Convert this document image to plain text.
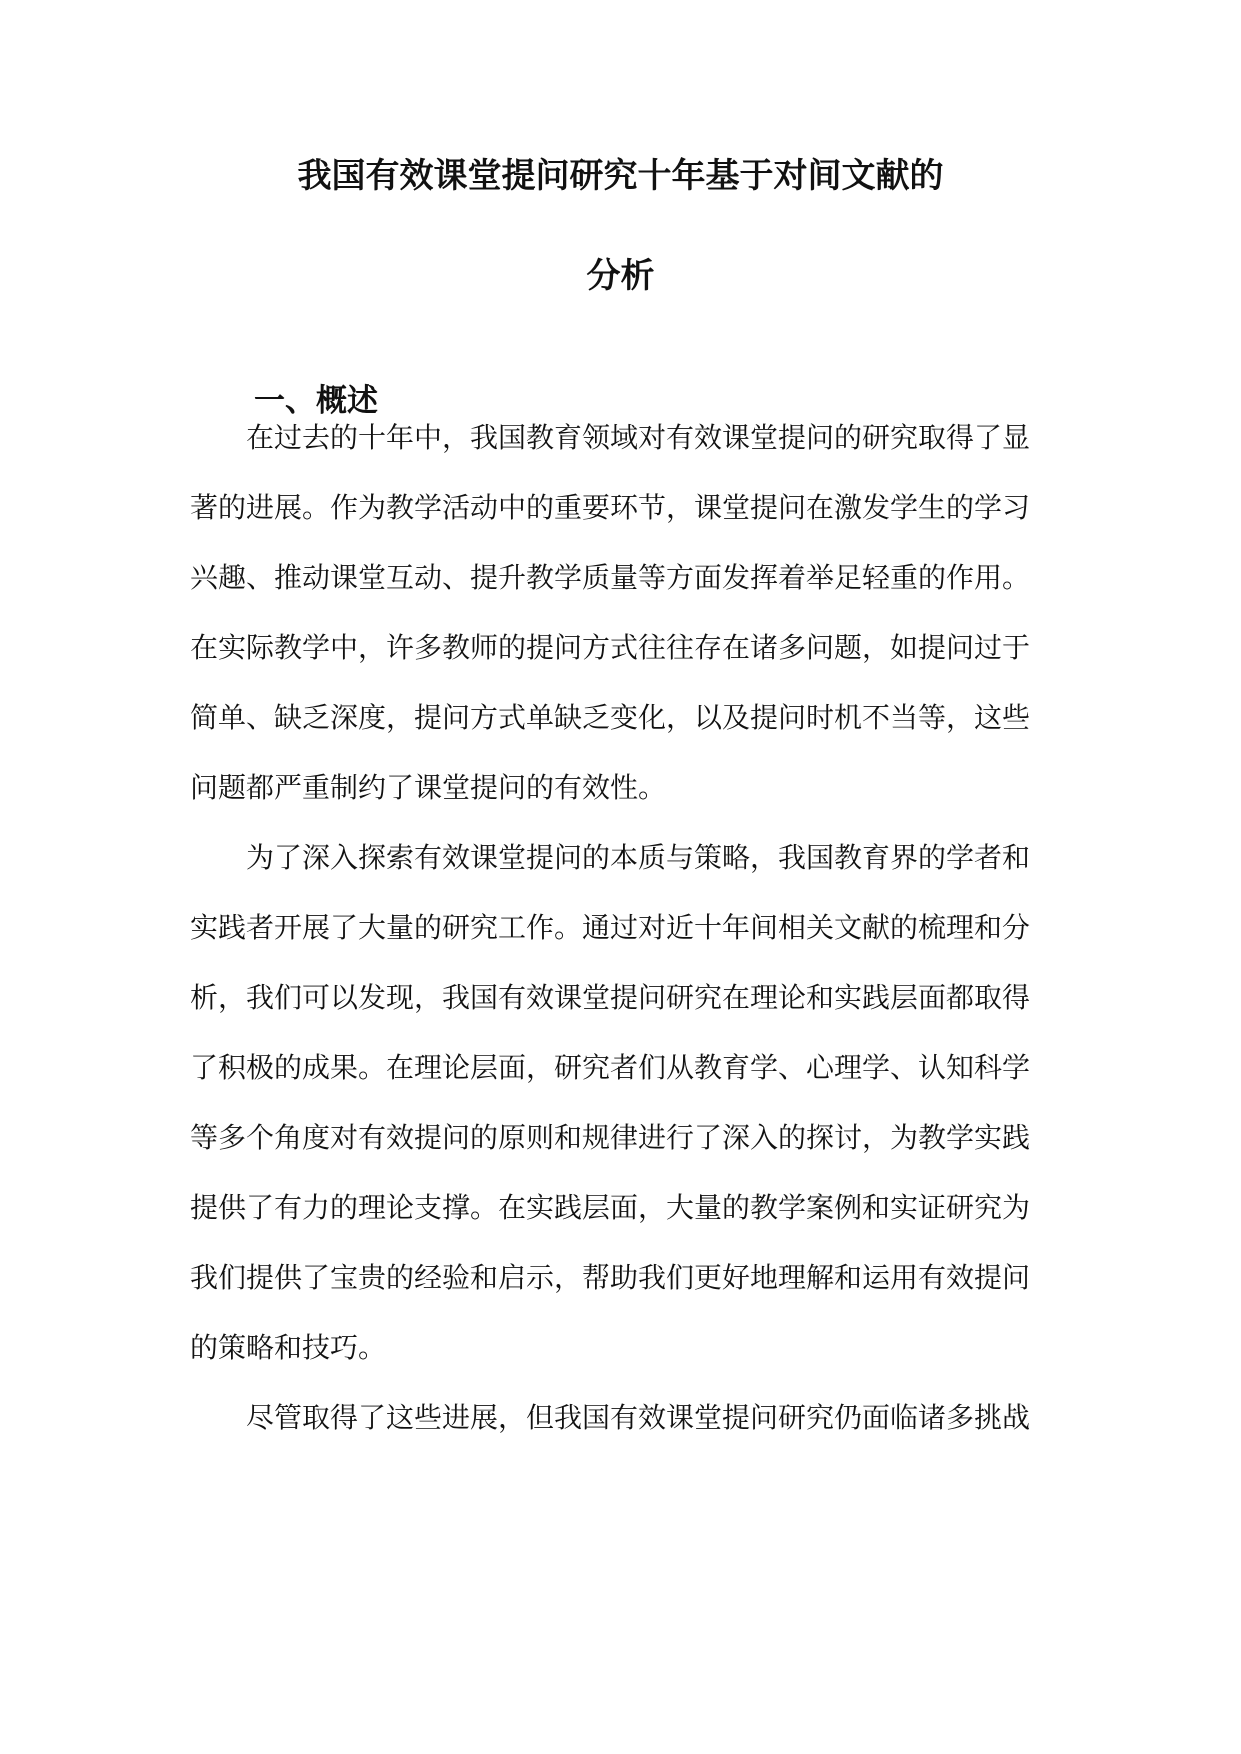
我国有效课堂提问研究十年基于对间文献的
分析
一、概述
在过去的十年中，我国教育领域对有效课堂提问的研究取得了显
著的进展。作为教学活动中的重要环节，课堂提问在激发学生的学习
兴趣、推动课堂互动、提升教学质量等方面发挥着举足轻重的作用。
在实际教学中，许多教师的提问方式往往存在诸多问题，如提问过于
简单、缺乏深度，提问方式单缺乏变化，以及提问时机不当等，这些
问题都严重制约了课堂提问的有效性。
为了深入探索有效课堂提问的本质与策略，我国教育界的学者和
实践者开展了大量的研究工作。通过对近十年间相关文献的梳理和分
析，我们可以发现，我国有效课堂提问研究在理论和实践层面都取得
了积极的成果。在理论层面，研究者们从教育学、心理学、认知科学
等多个角度对有效提问的原则和规律进行了深入的探讨，为教学实践
提供了有力的理论支撑。在实践层面，大量的教学案例和实证研究为
我们提供了宝贵的经验和启示，帮助我们更好地理解和运用有效提问
的策略和技巧。
尽管取得了这些进展，但我国有效课堂提问研究仍面临诸多挑战
